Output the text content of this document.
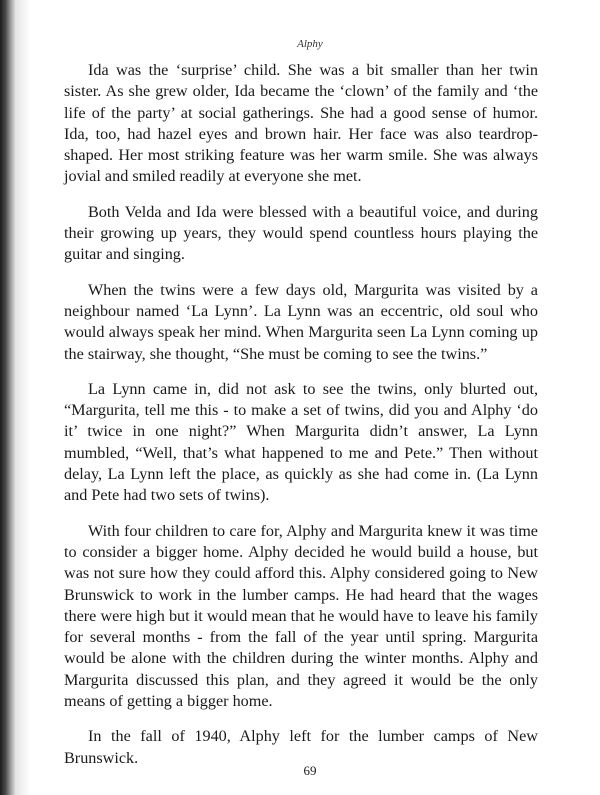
Alphy

Ida was the ‘surprise’ child. She was a bit smaller than her twin sister. As she grew older, Ida became the ‘clown’ of the family and ‘the life of the party’ at social gatherings. She had a good sense of humor. Ida, too, had hazel eyes and brown hair. Her face was also teardrop-shaped. Her most striking feature was her warm smile. She was always jovial and smiled readily at everyone she met.

Both Velda and Ida were blessed with a beautiful voice, and during their growing up years, they would spend countless hours playing the guitar and singing.

When the twins were a few days old, Margurita was visited by a neighbour named ‘La Lynn’. La Lynn was an eccentric, old soul who would always speak her mind. When Margurita seen La Lynn coming up the stairway, she thought, “She must be coming to see the twins.”

La Lynn came in, did not ask to see the twins, only blurted out, “Margurita, tell me this - to make a set of twins, did you and Alphy ‘do it’ twice in one night?” When Margurita didn’t answer, La Lynn mumbled, “Well, that’s what happened to me and Pete.” Then without delay, La Lynn left the place, as quickly as she had come in. (La Lynn and Pete had two sets of twins).

With four children to care for, Alphy and Margurita knew it was time to consider a bigger home. Alphy decided he would build a house, but was not sure how they could afford this. Alphy considered going to New Brunswick to work in the lumber camps. He had heard that the wages there were high but it would mean that he would have to leave his family for several months - from the fall of the year until spring. Margurita would be alone with the children during the winter months. Alphy and Margurita discussed this plan, and they agreed it would be the only means of getting a bigger home.

In the fall of 1940, Alphy left for the lumber camps of New Brunswick.

69
